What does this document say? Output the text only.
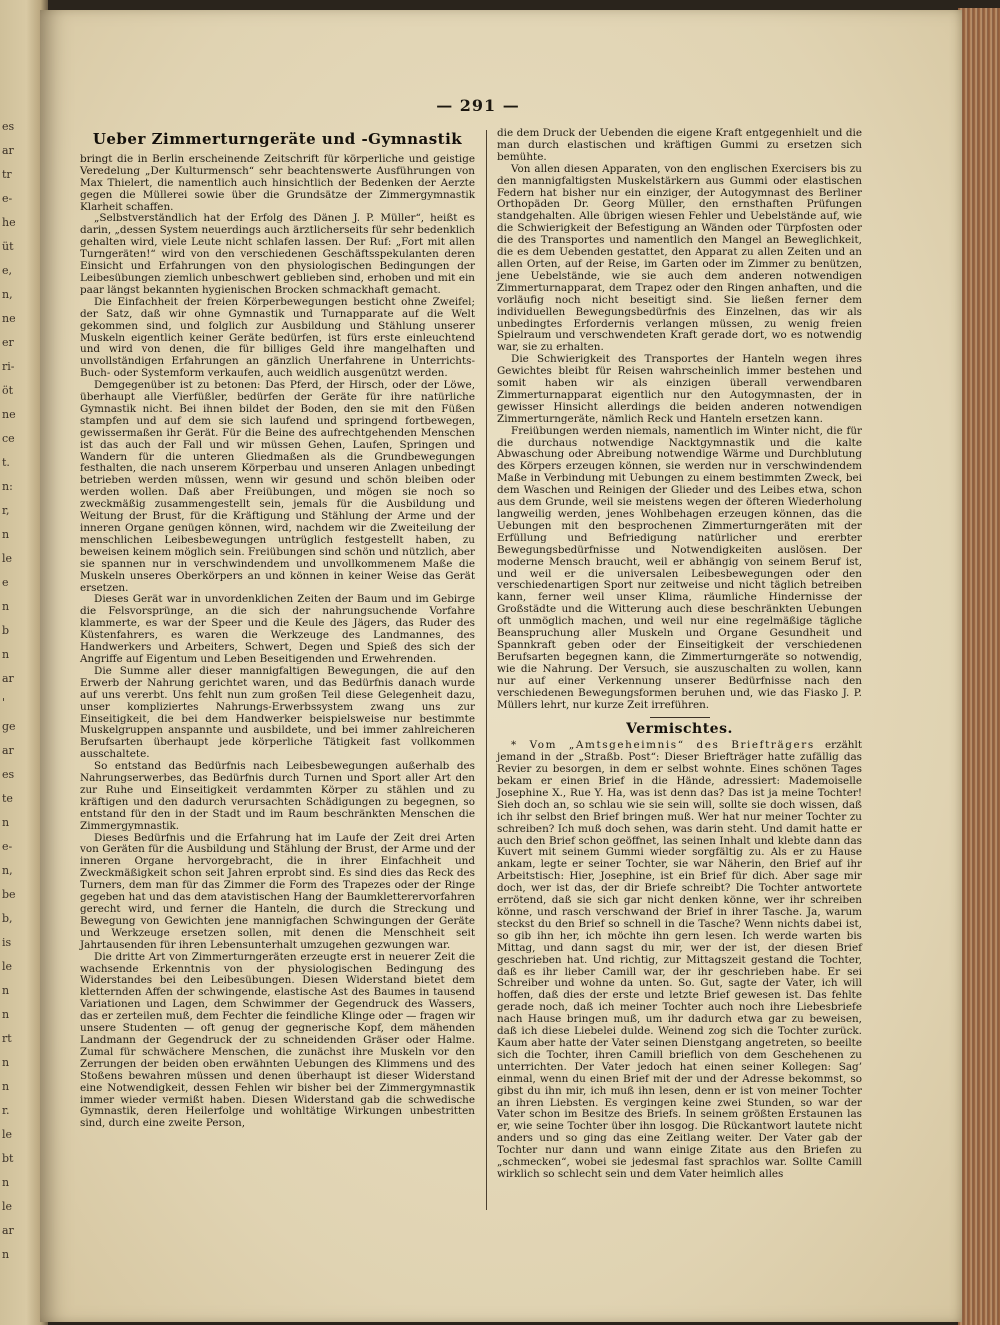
es
ar
tr
e-
he
üt
e,
n,
ne
er
ri-
öt
ne
ce
t.
n:
r,
n
le
e
n
b
n
ar
'
ge
ar
es
te
n
e-
n,
be
b,
is
le
n
n
rt
n
n
r.
le
bt
n
le
ar
n
— 291 —
Ueber Zimmerturngeräte und -Gymnastik

bringt die in Berlin erscheinende Zeitschrift für körperliche und geistige Veredelung „Der Kulturmensch“ sehr beachtenswerte Ausführungen von Max Thielert, die namentlich auch hinsichtlich der Bedenken der Aerzte gegen die Müllerei sowie über die Grundsätze der Zimmergymnastik Klarheit schaffen.

„Selbstverständlich hat der Erfolg des Dänen J. P. Müller“, heißt es darin, „dessen System neuerdings auch ärztlicherseits für sehr bedenklich gehalten wird, viele Leute nicht schlafen lassen. Der Ruf: „Fort mit allen Turngeräten!“ wird von den verschiedenen Geschäftsspekulanten deren Einsicht und Erfahrungen von den physiologischen Bedingungen der Leibesübungen ziemlich unbeschwert geblieben sind, erhoben und mit ein paar längst bekannten hygienischen Brocken schmackhaft gemacht.

Die Einfachheit der freien Körperbewegungen besticht ohne Zweifel; der Satz, daß wir ohne Gymnastik und Turnapparate auf die Welt gekommen sind, und folglich zur Ausbildung und Stählung unserer Muskeln eigentlich keiner Geräte bedürfen, ist fürs erste einleuchtend und wird von denen, die für billiges Geld ihre mangelhaften und unvollständigen Erfahrungen an gänzlich Unerfahrene in Unterrichts- Buch- oder Systemform verkaufen, auch weidlich ausgenützt werden.

Demgegenüber ist zu betonen: Das Pferd, der Hirsch, oder der Löwe, überhaupt alle Vierfüßler, bedürfen der Geräte für ihre natürliche Gymnastik nicht. Bei ihnen bildet der Boden, den sie mit den Füßen stampfen und auf dem sie sich laufend und springend fortbewegen, gewissermaßen ihr Gerät. Für die Beine des aufrechtgehenden Menschen ist das auch der Fall und wir müssen Gehen, Laufen, Springen und Wandern für die unteren Gliedmaßen als die Grundbewegungen festhalten, die nach unserem Körperbau und unseren Anlagen unbedingt betrieben werden müssen, wenn wir gesund und schön bleiben oder werden wollen. Daß aber Freiübungen, und mögen sie noch so zweckmäßig zusammengestellt sein, jemals für die Ausbildung und Weitung der Brust, für die Kräftigung und Stählung der Arme und der inneren Organe genügen können, wird, nachdem wir die Zweiteilung der menschlichen Leibesbewegungen untrüglich festgestellt haben, zu beweisen keinem möglich sein. Freiübungen sind schön und nützlich, aber sie spannen nur in verschwindendem und unvollkommenem Maße die Muskeln unseres Oberkörpers an und können in keiner Weise das Gerät ersetzen.

Dieses Gerät war in unvordenklichen Zeiten der Baum und im Gebirge die Felsvorsprünge, an die sich der nahrungsuchende Vorfahre klammerte, es war der Speer und die Keule des Jägers, das Ruder des Küstenfahrers, es waren die Werkzeuge des Landmannes, des Handwerkers und Arbeiters, Schwert, Degen und Spieß des sich der Angriffe auf Eigentum und Leben Beseitigenden und Erwehrenden.

Die Summe aller dieser mannigfaltigen Bewegungen, die auf den Erwerb der Nahrung gerichtet waren, und das Bedürfnis danach wurde auf uns vererbt. Uns fehlt nun zum großen Teil diese Gelegenheit dazu, unser kompliziertes Nahrungs-Erwerbssystem zwang uns zur Einseitigkeit, die bei dem Handwerker beispielsweise nur bestimmte Muskelgruppen anspannte und ausbildete, und bei immer zahlreicheren Berufsarten überhaupt jede körperliche Tätigkeit fast vollkommen ausschaltete.

So entstand das Bedürfnis nach Leibesbewegungen außerhalb des Nahrungserwerbes, das Bedürfnis durch Turnen und Sport aller Art den zur Ruhe und Einseitigkeit verdammten Körper zu stählen und zu kräftigen und den dadurch verursachten Schädigungen zu begegnen, so entstand für den in der Stadt und im Raum beschränkten Menschen die Zimmergymnastik.

Dieses Bedürfnis und die Erfahrung hat im Laufe der Zeit drei Arten von Geräten für die Ausbildung und Stählung der Brust, der Arme und der inneren Organe hervorgebracht, die in ihrer Einfachheit und Zweckmäßigkeit schon seit Jahren erprobt sind. Es sind dies das Reck des Turners, dem man für das Zimmer die Form des Trapezes oder der Ringe gegeben hat und das dem atavistischen Hang der Baumkletterervorfahren gerecht wird, und ferner die Hanteln, die durch die Streckung und Bewegung von Gewichten jene mannigfachen Schwingungen der Geräte und Werkzeuge ersetzen sollen, mit denen die Menschheit seit Jahrtausenden für ihren Lebensunterhalt umzugehen gezwungen war.

Die dritte Art von Zimmerturngeräten erzeugte erst in neuerer Zeit die wachsende Erkenntnis von der physiologischen Bedingung des Widerstandes bei den Leibesübungen. Diesen Widerstand bietet dem kletternden Affen der schwingende, elastische Ast des Baumes in tausend Variationen und Lagen, dem Schwimmer der Gegendruck des Wassers, das er zerteilen muß, dem Fechter die feindliche Klinge oder — fragen wir unsere Studenten — oft genug der gegnerische Kopf, dem mähenden Landmann der Gegendruck der zu schneidenden Gräser oder Halme. Zumal für schwächere Menschen, die zunächst ihre Muskeln vor den Zerrungen der beiden oben erwähnten Uebungen des Klimmens und des Stoßens bewahren müssen und denen überhaupt ist dieser Widerstand eine Notwendigkeit, dessen Fehlen wir bisher bei der Zimmergymnastik immer wieder vermißt haben. Diesen Widerstand gab die schwedische Gymnastik, deren Heilerfolge und wohltätige Wirkungen unbestritten sind, durch eine zweite Person,

die dem Druck der Uebenden die eigene Kraft entgegenhielt und die man durch elastischen und kräftigen Gummi zu ersetzen sich bemühte.

Von allen diesen Apparaten, von den englischen Exercisers bis zu den mannigfaltigsten Muskelstärkern aus Gummi oder elastischen Federn hat bisher nur ein einziger, der Autogymnast des Berliner Orthopäden Dr. Georg Müller, den ernsthaften Prüfungen standgehalten. Alle übrigen wiesen Fehler und Uebelstände auf, wie die Schwierigkeit der Befestigung an Wänden oder Türpfosten oder die des Transportes und namentlich den Mangel an Beweglichkeit, die es dem Uebenden gestattet, den Apparat zu allen Zeiten und an allen Orten, auf der Reise, im Garten oder im Zimmer zu benützen, jene Uebelstände, wie sie auch dem anderen notwendigen Zimmerturnapparat, dem Trapez oder den Ringen anhaften, und die vorläufig noch nicht beseitigt sind. Sie ließen ferner dem individuellen Bewegungsbedürfnis des Einzelnen, das wir als unbedingtes Erfordernis verlangen müssen, zu wenig freien Spielraum und verschwendeten Kraft gerade dort, wo es notwendig war, sie zu erhalten.

Die Schwierigkeit des Transportes der Hanteln wegen ihres Gewichtes bleibt für Reisen wahrscheinlich immer bestehen und somit haben wir als einzigen überall verwendbaren Zimmerturnapparat eigentlich nur den Autogymnasten, der in gewisser Hinsicht allerdings die beiden anderen notwendigen Zimmerturngeräte, nämlich Reck und Hanteln ersetzen kann.

Freiübungen werden niemals, namentlich im Winter nicht, die für die durchaus notwendige Nacktgymnastik und die kalte Abwaschung oder Abreibung notwendige Wärme und Durchblutung des Körpers erzeugen können, sie werden nur in verschwindendem Maße in Verbindung mit Uebungen zu einem bestimmten Zweck, bei dem Waschen und Reinigen der Glieder und des Leibes etwa, schon aus dem Grunde, weil sie meistens wegen der öfteren Wiederholung langweilig werden, jenes Wohlbehagen erzeugen können, das die Uebungen mit den besprochenen Zimmerturngeräten mit der Erfüllung und Befriedigung natürlicher und ererbter Bewegungsbedürfnisse und Notwendigkeiten auslösen. Der moderne Mensch braucht, weil er abhängig von seinem Beruf ist, und weil er die universalen Leibesbewegungen oder den verschiedenartigen Sport nur zeitweise und nicht täglich betreiben kann, ferner weil unser Klima, räumliche Hindernisse der Großstädte und die Witterung auch diese beschränkten Uebungen oft unmöglich machen, und weil nur eine regelmäßige tägliche Beanspruchung aller Muskeln und Organe Gesundheit und Spannkraft geben oder der Einseitigkeit der verschiedenen Berufsarten begegnen kann, die Zimmerturngeräte so notwendig, wie die Nahrung. Der Versuch, sie auszuschalten zu wollen, kann nur auf einer Verkennung unserer Bedürfnisse nach den verschiedenen Bewegungsformen beruhen und, wie das Fiasko J. P. Müllers lehrt, nur kurze Zeit irreführen.

Vermischtes.

* Vom „Amtsgeheimnis“ des Briefträgers erzählt jemand in der „Straßb. Post“: Dieser Briefträger hatte zufällig das Revier zu besorgen, in dem er selbst wohnte. Eines schönen Tages bekam er einen Brief in die Hände, adressiert: Mademoiselle Josephine X., Rue Y. Ha, was ist denn das? Das ist ja meine Tochter! Sieh doch an, so schlau wie sie sein will, sollte sie doch wissen, daß ich ihr selbst den Brief bringen muß. Wer hat nur meiner Tochter zu schreiben? Ich muß doch sehen, was darin steht. Und damit hatte er auch den Brief schon geöffnet, las seinen Inhalt und klebte dann das Kuvert mit seinem Gummi wieder sorgfältig zu. Als er zu Hause ankam, legte er seiner Tochter, sie war Näherin, den Brief auf ihr Arbeitstisch: Hier, Josephine, ist ein Brief für dich. Aber sage mir doch, wer ist das, der dir Briefe schreibt? Die Tochter antwortete errötend, daß sie sich gar nicht denken könne, wer ihr schreiben könne, und rasch verschwand der Brief in ihrer Tasche. Ja, warum steckst du den Brief so schnell in die Tasche? Wenn nichts dabei ist, so gib ihn her, ich möchte ihn gern lesen. Ich werde warten bis Mittag, und dann sagst du mir, wer der ist, der diesen Brief geschrieben hat. Und richtig, zur Mittagszeit gestand die Tochter, daß es ihr lieber Camill war, der ihr geschrieben habe. Er sei Schreiber und wohne da unten. So. Gut, sagte der Vater, ich will hoffen, daß dies der erste und letzte Brief gewesen ist. Das fehlte gerade noch, daß ich meiner Tochter auch noch ihre Liebesbriefe nach Hause bringen muß, um ihr dadurch etwa gar zu beweisen, daß ich diese Liebelei dulde. Weinend zog sich die Tochter zurück. Kaum aber hatte der Vater seinen Dienstgang angetreten, so beeilte sich die Tochter, ihren Camill brieflich von dem Geschehenen zu unterrichten. Der Vater jedoch hat einen seiner Kollegen: Sag’ einmal, wenn du einen Brief mit der und der Adresse bekommst, so gibst du ihn mir, ich muß ihn lesen, denn er ist von meiner Tochter an ihren Liebsten. Es vergingen keine zwei Stunden, so war der Vater schon im Besitze des Briefs. In seinem größten Erstaunen las er, wie seine Tochter über ihn losgog. Die Rückantwort lautete nicht anders und so ging das eine Zeitlang weiter. Der Vater gab der Tochter nur dann und wann einige Zitate aus den Briefen zu „schmecken“, wobei sie jedesmal fast sprachlos war. Sollte Camill wirklich so schlecht sein und dem Vater heimlich alles
